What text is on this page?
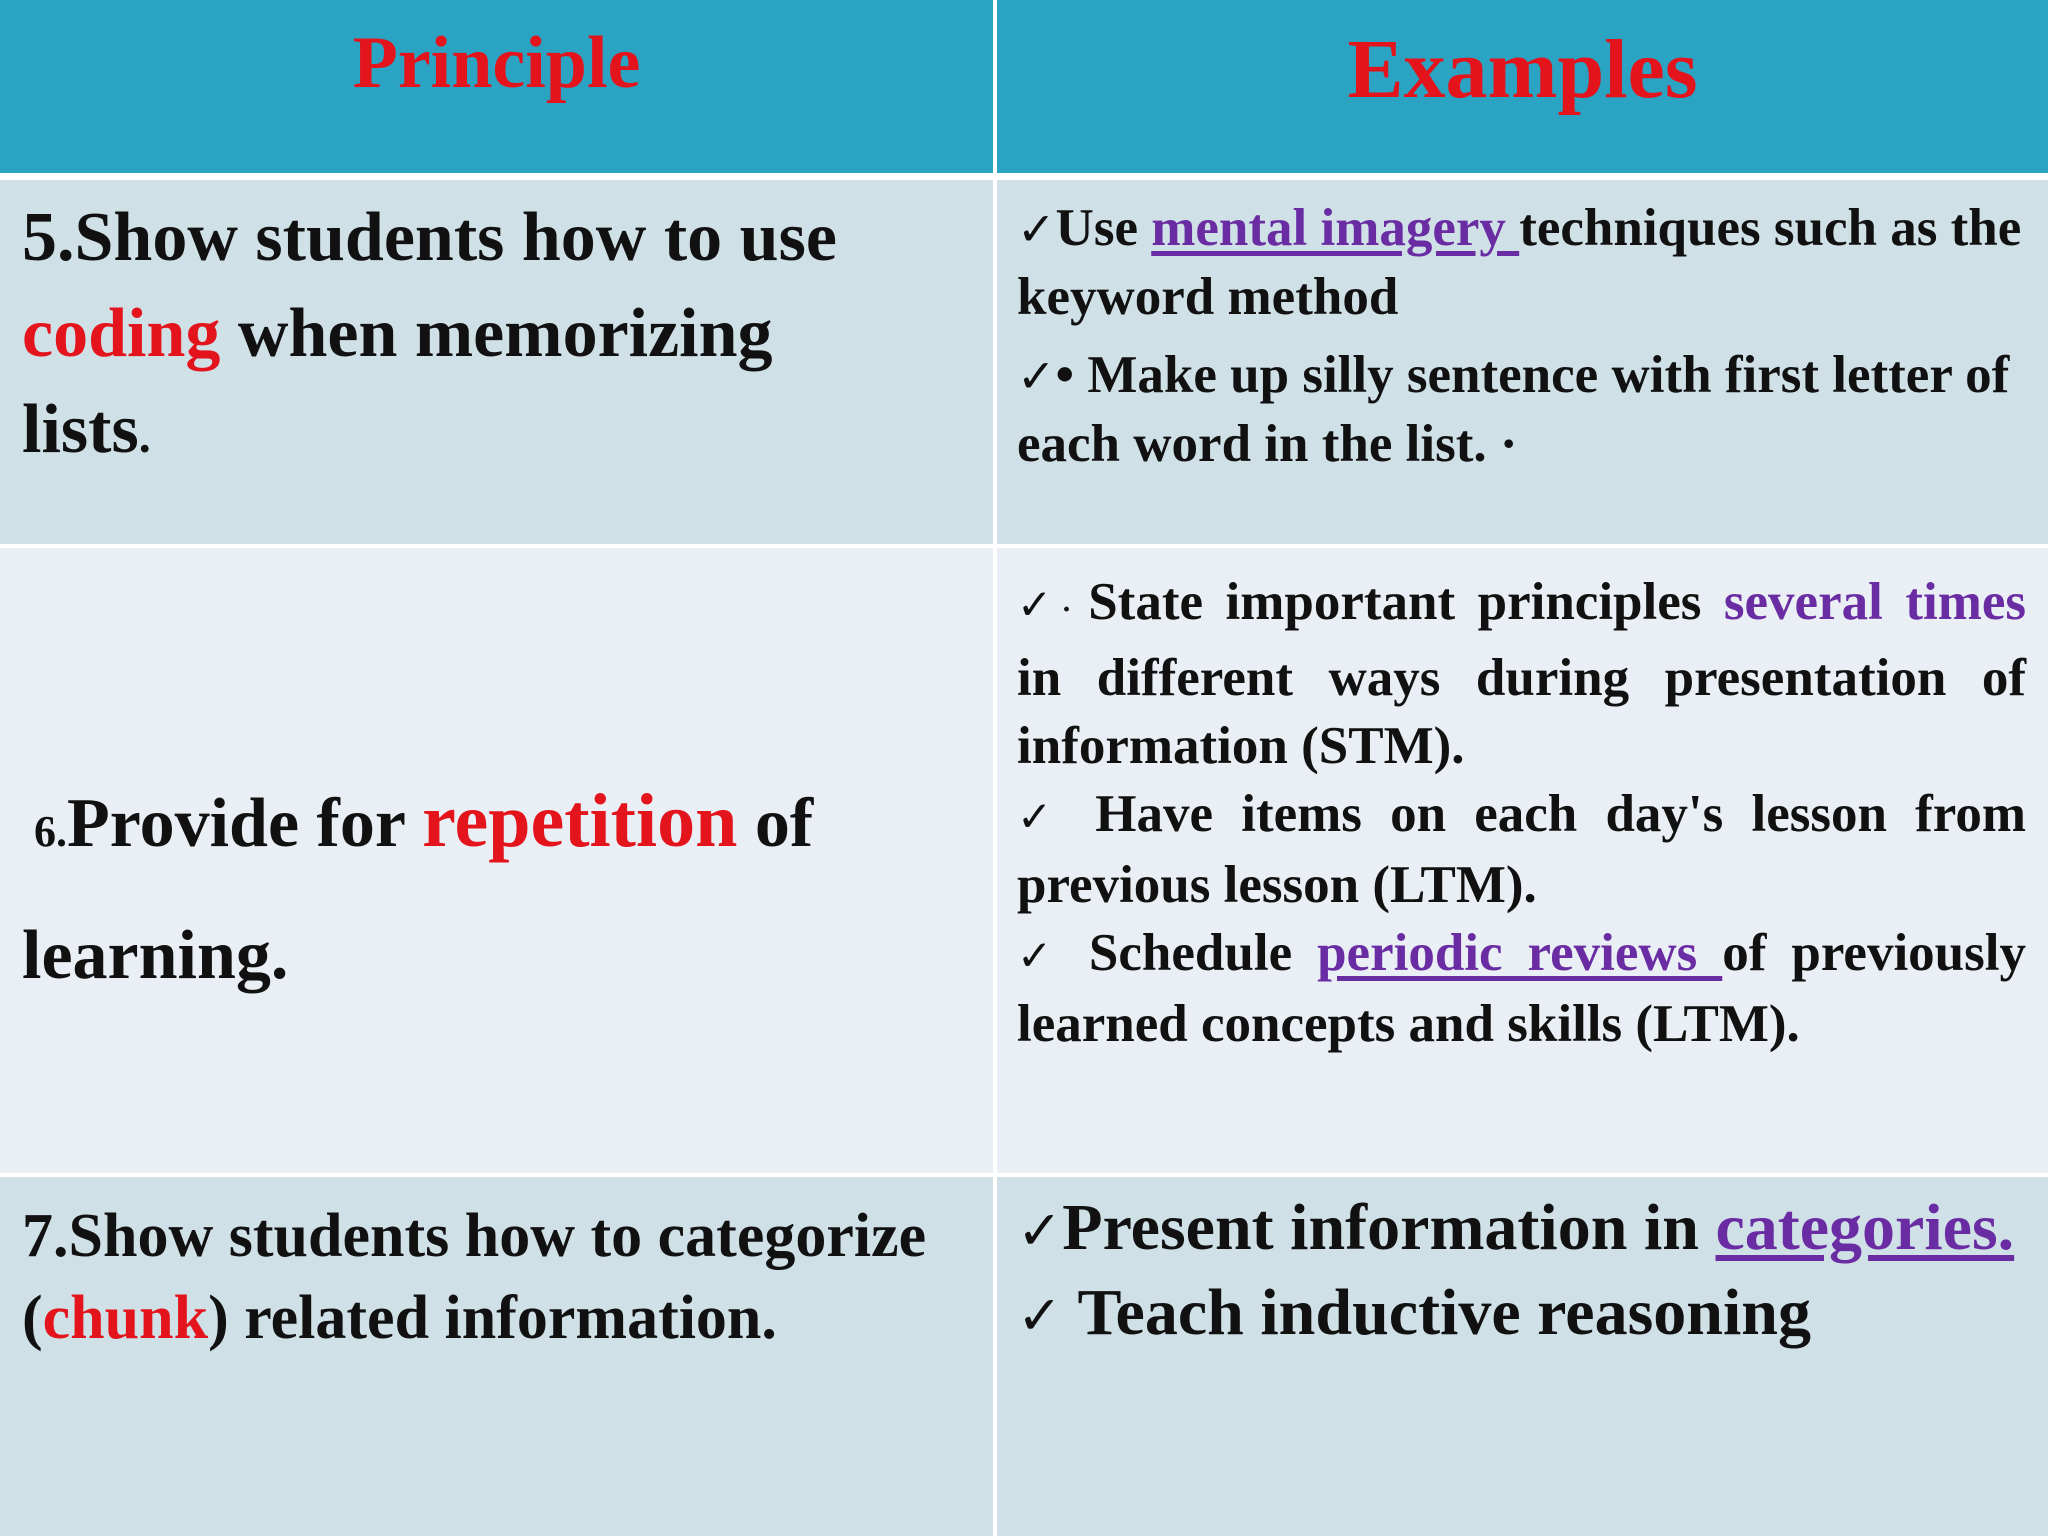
Principle	Examples
5.Show students how to use
coding when memorizing
lists.
✓Use mental imagery techniques such as the keyword method
✓• Make up silly sentence with first letter of each word in the list. ·
6.Provide for repetition of
learning.
✓· State important principles several times in different ways during presentation of information (STM).
✓ Have items on each day's lesson from previous lesson (LTM).
✓ Schedule periodic reviews of previously learned concepts and skills (LTM).
7.Show students how to categorize (chunk) related information.
✓Present information in categories.
✓ Teach inductive reasoning
